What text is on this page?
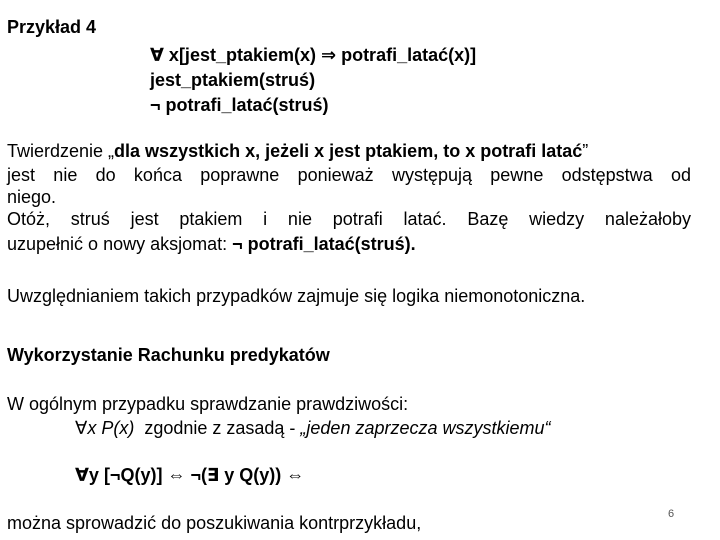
Przykład 4
∀ x[jest_ptakiem(x) ⇒ potrafi_latać(x)]
jest_ptakiem(struś)
¬ potrafi_latać(struś)
Twierdzenie „dla wszystkich x, jeżeli x jest ptakiem, to x potrafi latać”
jest nie do końca poprawne ponieważ występują pewne odstępstwa od
niego.
Otóż, struś jest ptakiem i nie potrafi latać. Bazę wiedzy należałoby
uzupełnić o nowy aksjomat: ¬ potrafi_latać(struś).
Uwzględnianiem takich przypadków zajmuje się logika niemonotoniczna.
Wykorzystanie Rachunku predykatów
W ogólnym przypadku sprawdzanie prawdziwości:
∀x P(x)  zgodnie z zasadą - „jeden zaprzecza wszystkiemu“
∀y [¬Q(y)] ⇔ ¬(∃ y Q(y)) ⇔
można sprowadzić do poszukiwania kontrprzykładu,	6
